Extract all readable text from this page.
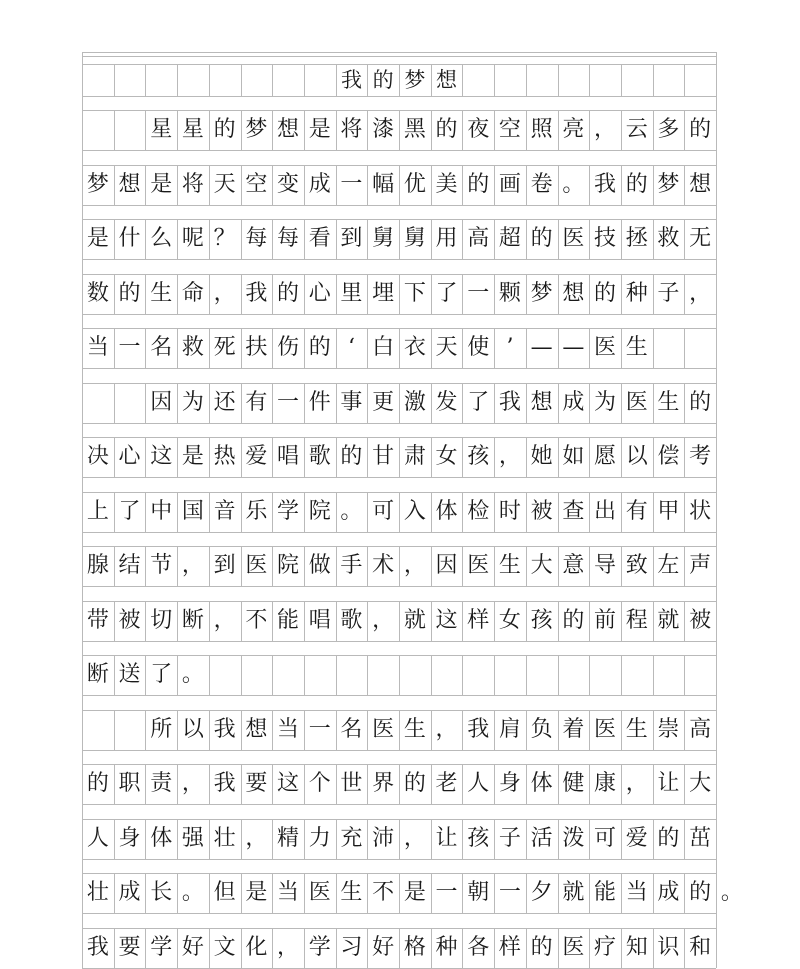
我 的 梦 想
星 星 的 梦 想 是 将 漆 黑 的 夜 空 照 亮 ， 云 多 的
梦 想 是 将 天 空 变 成 一 幅 优 美 的 画 卷 。 我 的 梦 想
是 什 么 呢 ？ 每 每 看 到 舅 舅 用 高 超 的 医 技 拯 救 无
数 的 生 命 ， 我 的 心 里 埋 下 了 一 颗 梦 想 的 种 子 ，
当 一 名 救 死 扶 伤 的 ‘ 白 衣 天 使 ’ — — 医 生
因 为 还 有 一 件 事 更 激 发 了 我 想 成 为 医 生 的
决 心 这 是 热 爱 唱 歌 的 甘 肃 女 孩 ， 她 如 愿 以 偿 考
上 了 中 国 音 乐 学 院 。 可 入 体 检 时 被 查 出 有 甲 状
腺 结 节 ， 到 医 院 做 手 术 ， 因 医 生 大 意 导 致 左 声
带 被 切 断 ， 不 能 唱 歌 ， 就 这 样 女 孩 的 前 程 就 被
断 送 了 。
所 以 我 想 当 一 名 医 生 ， 我 肩 负 着 医 生 崇 高
的 职 责 ， 我 要 这 个 世 界 的 老 人 身 体 健 康 ， 让 大
人 身 体 强 壮 ， 精 力 充 沛 ， 让 孩 子 活 泼 可 爱 的 茁
壮 成 长 。 但 是 当 医 生 不 是 一 朝 一 夕 就 能 当 成 的 。
我 要 学 好 文 化 ， 学 习 好 格 种 各 样 的 医 疗 知 识 和
